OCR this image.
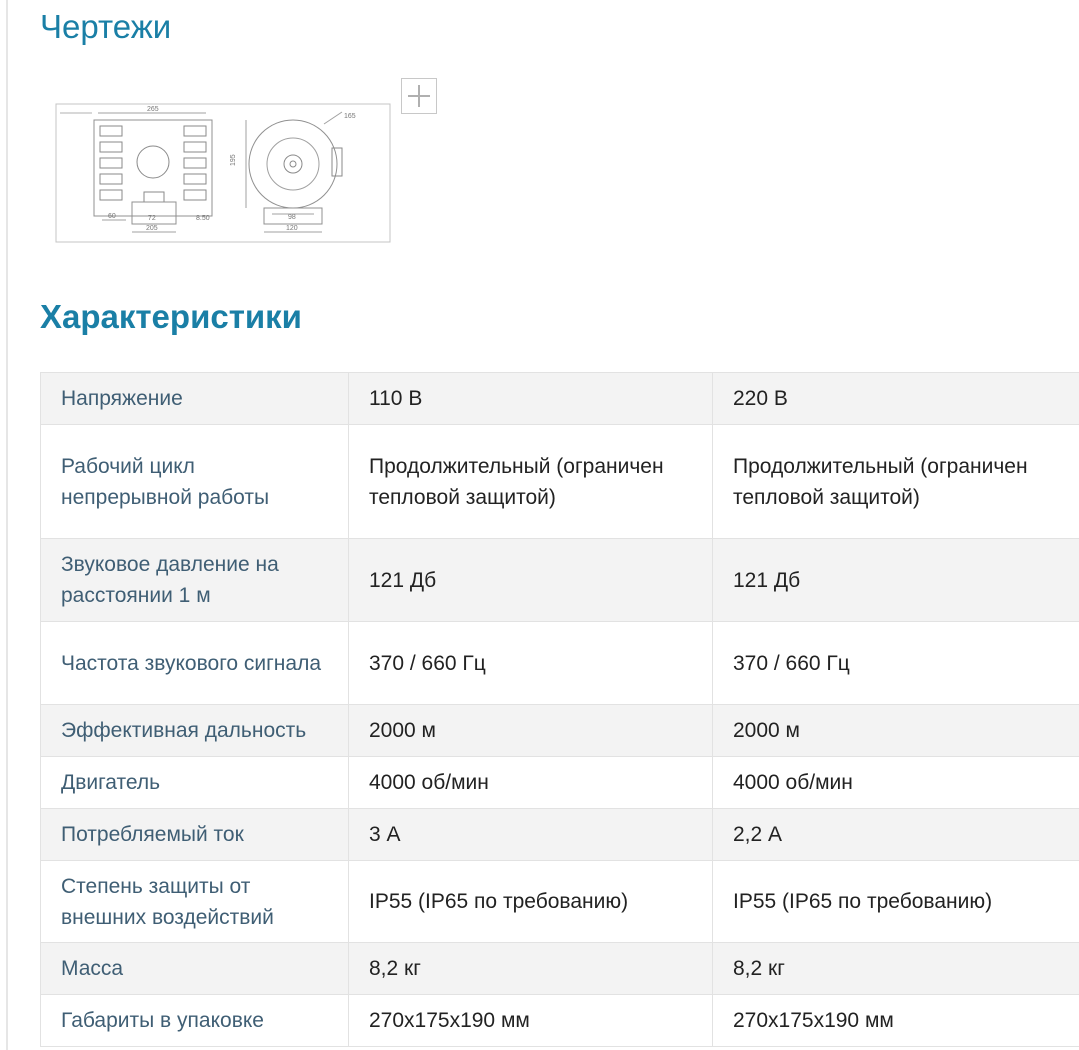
Чертежи
265
195
60	72
205
8.50	98
120
165
Характеристики
Напряжение	110 В	220 В
Рабочий цикл непрерывной работы	Продолжительный (ограничен тепловой защитой)	Продолжительный (ограничен тепловой защитой)
Звуковое давление на расстоянии 1 м	121 Дб	121 Дб
Частота звукового сигнала	370 / 660 Гц	370 / 660 Гц
Эффективная дальность	2000 м	2000 м
Двигатель	4000 об/мин	4000 об/мин
Потребляемый ток	3 А	2,2 А
Степень защиты от внешних воздействий	IP55 (IP65 по требованию)	IP55 (IP65 по требованию)
Масса	8,2 кг	8,2 кг
Габариты в упаковке	270x175x190 мм	270x175x190 мм
